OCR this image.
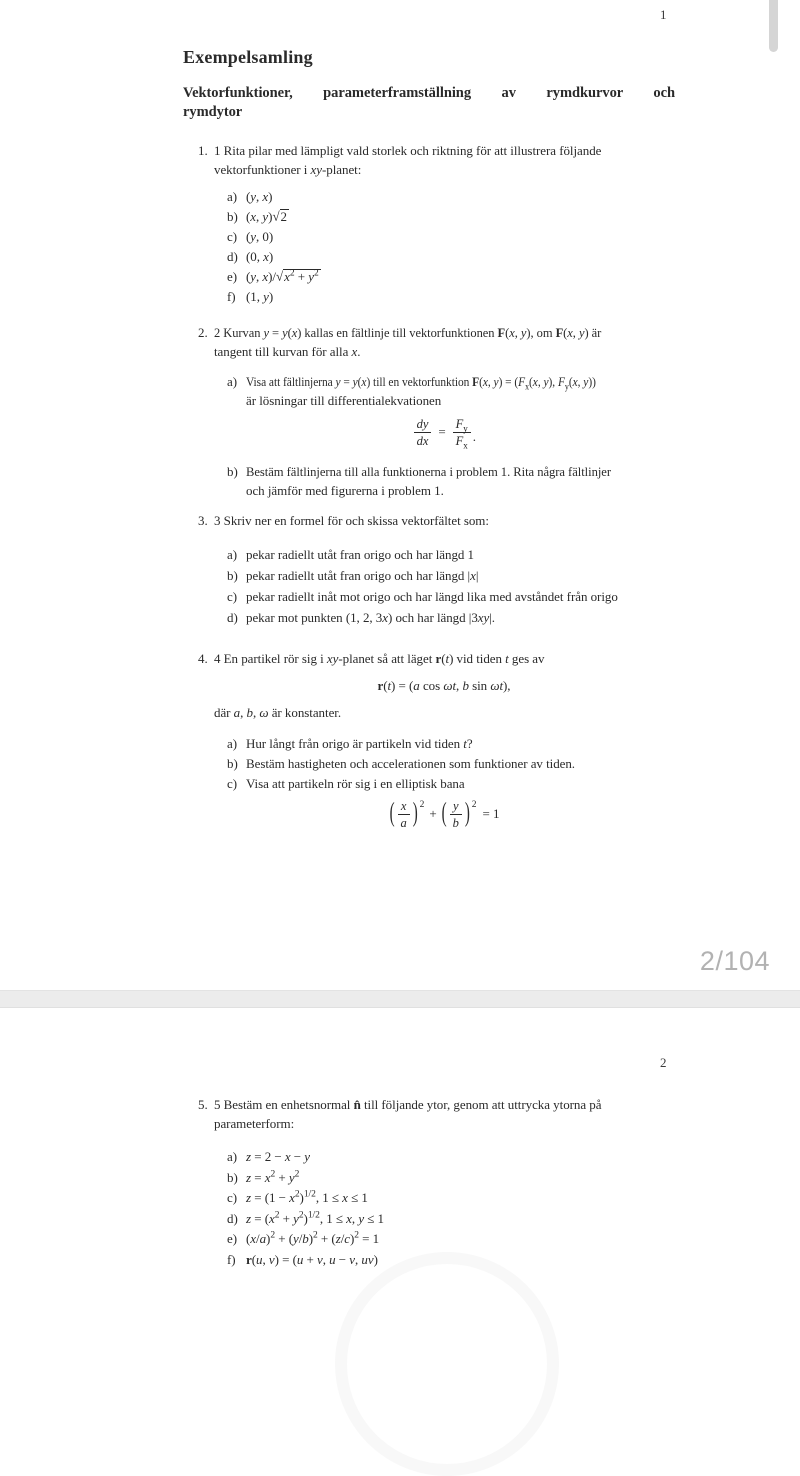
1
Exempelsamling
Vektorfunktioner, parameterframställning av rymdkurvor och
rymdytor
1. 1 Rita pilar med lämpligt vald storlek och riktning för att illustrera följande
vektorfunktioner i xy-planet:
a) (y, x)
b) (x, y)√2
c) (y, 0)
d) (0, x)
e) (y, $x)/√x^2 + y^2$
f) (1, y)
2. 2 Kurvan y = y(x) kallas en fältlinje till vektorfunktionen F(x, y), om F(x, y) är
tangent till kurvan för alla x.
a) Visa att fältlinjerna y = y(x) till en vektorfunktion F(x, $y) = (F_x(x$, y), $F_y(x$, y))
är lösningar till differentialekvationen
$\frac{dy}{dx} = \frac{F_y}{F_x}$ .
b) Bestäm fältlinjerna till alla funktionerna i problem 1. Rita några fältlinjer
och jämför med figurerna i problem 1.
3. 3 Skriv ner en formel för och skissa vektorfältet som:
a) pekar radiellt utåt fran origo och har längd 1
b) pekar radiellt utåt fran origo och har längd |x|
c) pekar radiellt inåt mot origo och har längd lika med avståndet från origo
d) pekar mot punkten (1, 2, 3x) och har längd |3xy|.
4. 4 En partikel rör sig i xy-planet så att läget r(t) vid tiden t ges av
r(t) = (a cos ωt, b sin ωt),
där a, b, ω är konstanter.
a) Hur långt från origo är partikeln vid tiden t?
b) Bestäm hastigheten och accelerationen som funktioner av tiden.
c) Visa att partikeln rör sig i en elliptisk bana
( $\frac{x}{a} )^2$
+ ( $\frac{y}{b} )^2$
= 1
2/104
2
5. 5 Bestäm en enhetsnormal n̂ till följande ytor, genom att uttrycka ytorna på
parameterform:
a) z = 2 − x − y
b) $z = x^2 + y^2$
c) $z = (1 - x^2)^{1/2}$, 1 ≤ x ≤ 1
d) $z = (x^2 + y^2)^{1/2}$, 1 ≤ x, y ≤ 1
e) $(x/a)^2 + (y/b)^2 + (z/c)^2 = 1$
f) r(u, v) = (u + v, u − v, uv)
